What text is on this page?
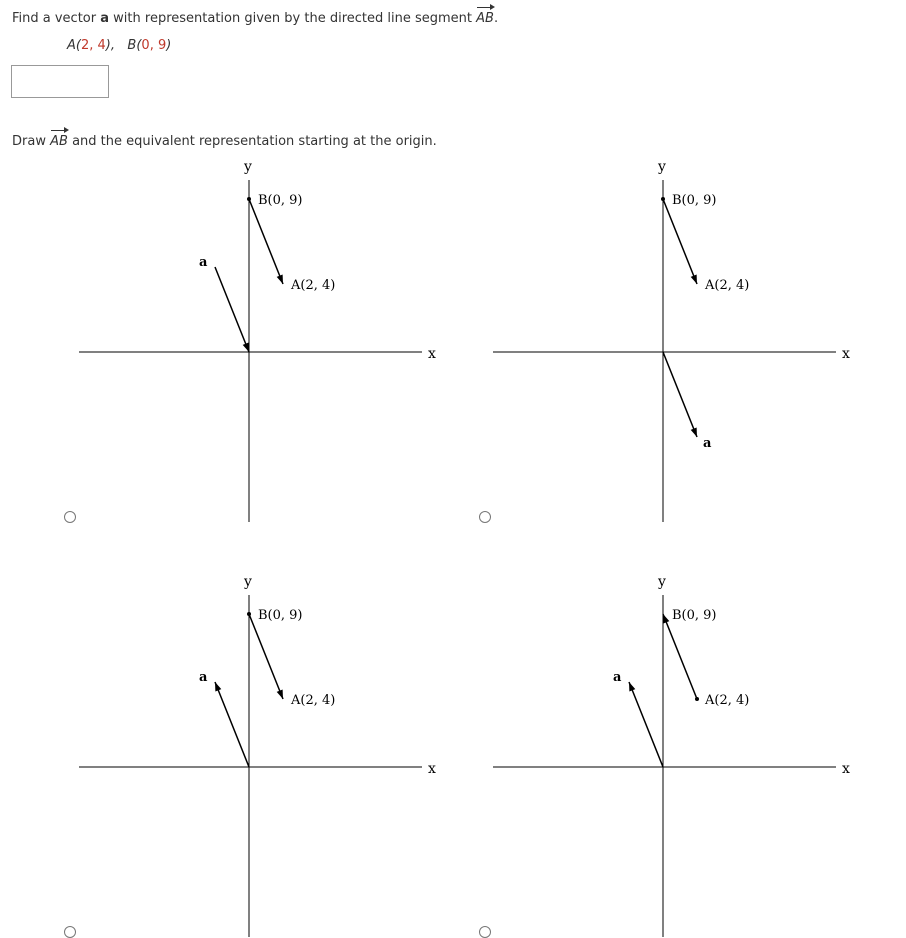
Find a vector a with representation given by the directed line segment AB.
A(2, 4), B(0, 9)
Draw AB and the equivalent representation starting at the origin.
x
y
B(0, 9)
A(2, 4)
a
x
y
B(0, 9)
A(2, 4)
a
x
y
B(0, 9)
A(2, 4)
a
x
y
B(0, 9)
A(2, 4)
a
